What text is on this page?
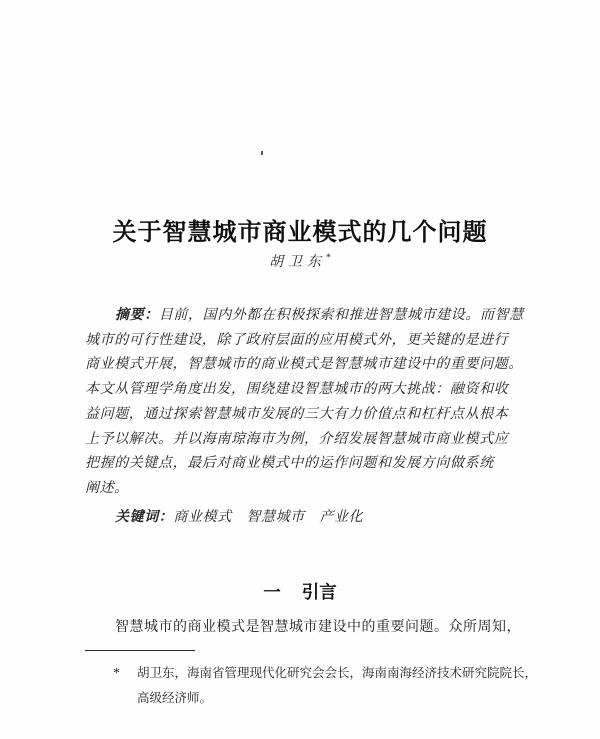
关于智慧城市商业模式的几个问题
胡卫东*
摘要：目前，国内外都在积极探索和推进智慧城市建设。而智慧
城市的可行性建设，除了政府层面的应用模式外，更关键的是进行
商业模式开展，智慧城市的商业模式是智慧城市建设中的重要问题。
本文从管理学角度出发，围绕建设智慧城市的两大挑战：融资和收
益问题，通过探索智慧城市发展的三大有力价值点和杠杆点从根本
上予以解决。并以海南琼海市为例，介绍发展智慧城市商业模式应
把握的关键点，最后对商业模式中的运作问题和发展方向做系统
阐述。
关键词：商业模式　智慧城市　产业化
一 引言
智慧城市的商业模式是智慧城市建设中的重要问题。众所周知，
*	胡卫东，海南省管理现代化研究会会长，海南南海经济技术研究院院长，
高级经济师。
